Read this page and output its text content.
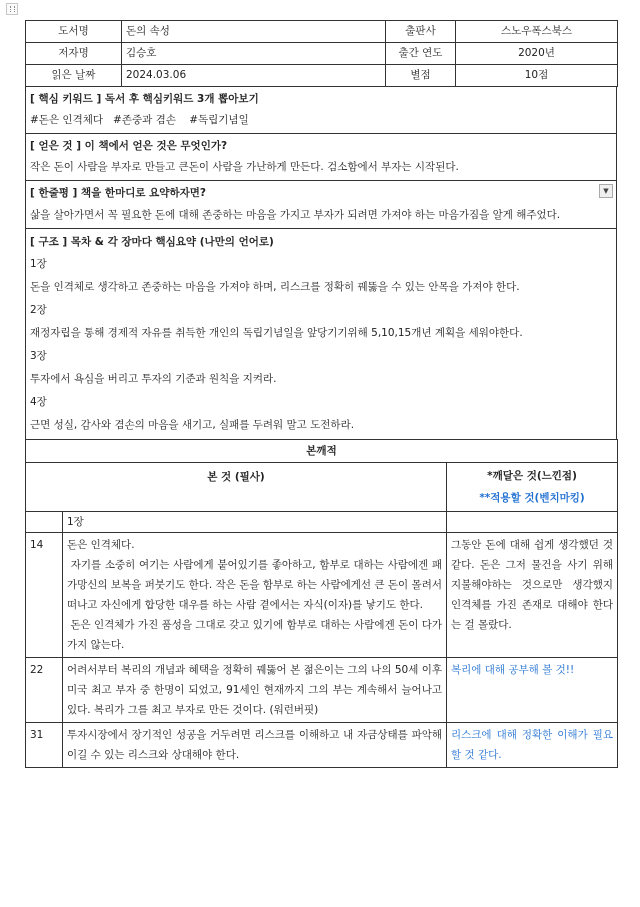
도서명	돈의 속성	출판사	스노우폭스북스
저자명	김승호	출간 연도	2020년
읽은 날짜	2024.03.06	별점	10점
[ 핵심 키워드 ] 독서 후 핵심키워드 3개 뽑아보기
#돈은 인격체다   #존중과 겸손    #독립기념일

[ 얻은 것 ] 이 책에서 얻은 것은 무엇인가?
작은 돈이 사람을 부자로 만들고 큰돈이 사람을 가난하게 만든다. 검소함에서 부자는 시작된다.

[ 한줄평 ] 책을 한마디로 요약하자면?	▼
삶을 살아가면서 꼭 필요한 돈에 대해 존중하는 마음을 가지고 부자가 되려면 가져야 하는 마음가짐을 알게 해주었다.

[ 구조 ] 목차 & 각 장마다 핵심요약 (나만의 언어로)
1장
돈을 인격체로 생각하고 존중하는 마음을 가져야 하며, 리스크를 정확히 꿰뚫을 수 있는 안목을 가져야 한다.
2장
재정자립을 통해 경제적 자유를 취득한 개인의 독립기념일을 앞당기기위해 5,10,15개년 계획을 세워야한다.
3장
투자에서 욕심을 버리고 투자의 기준과 원칙을 지켜라.
4장
근면 성실, 감사와 겸손의 마음을 새기고, 실패를 두려워 말고 도전하라.
본깨적		
본 것 (필사)		*깨달은 것(느낀점)
**적용할 것(벤치마킹)

	1장	
14	돈은 인격체다.
자기를 소중히 여기는 사람에게 붙어있기를 좋아하고, 함부로 대하는 사람에겐 패가망신의 보복을 퍼붓기도 한다. 작은 돈을 함부로 하는 사람에게선 큰 돈이 몰려서 떠나고 자신에게 합당한 대우를 하는 사람 곁에서는 자식(이자)를 낳기도 한다.
돈은 인격체가 가진 품성을 그대로 갖고 있기에 함부로 대하는 사람에겐 돈이 다가가지 않는다.	그동안 돈에 대해 쉽게 생각했던 것 같다. 돈은 그저 물건을 사기 위해 지불해야하는 것으로만 생각했지 인격체를 가진 존재로 대해야 한다는 걸 몰랐다.
22	어려서부터 복리의 개념과 혜택을 정확히 꿰뚫어 본 젊은이는 그의 나의 50세 이후 미국 최고 부자 중 한명이 되었고, 91세인 현재까지 그의 부는 계속해서 늘어나고 있다. 복리가 그를 최고 부자로 만든 것이다. (워런버핏)	복리에 대해 공부해 볼 것!!
31	투자시장에서 장기적인 성공을 거두려면 리스크를 이해하고 내 자금상태를 파악해 이길 수 있는 리스크와 상대해야 한다.	리스크에 대해 정확한 이해가 필요할 것 같다.
